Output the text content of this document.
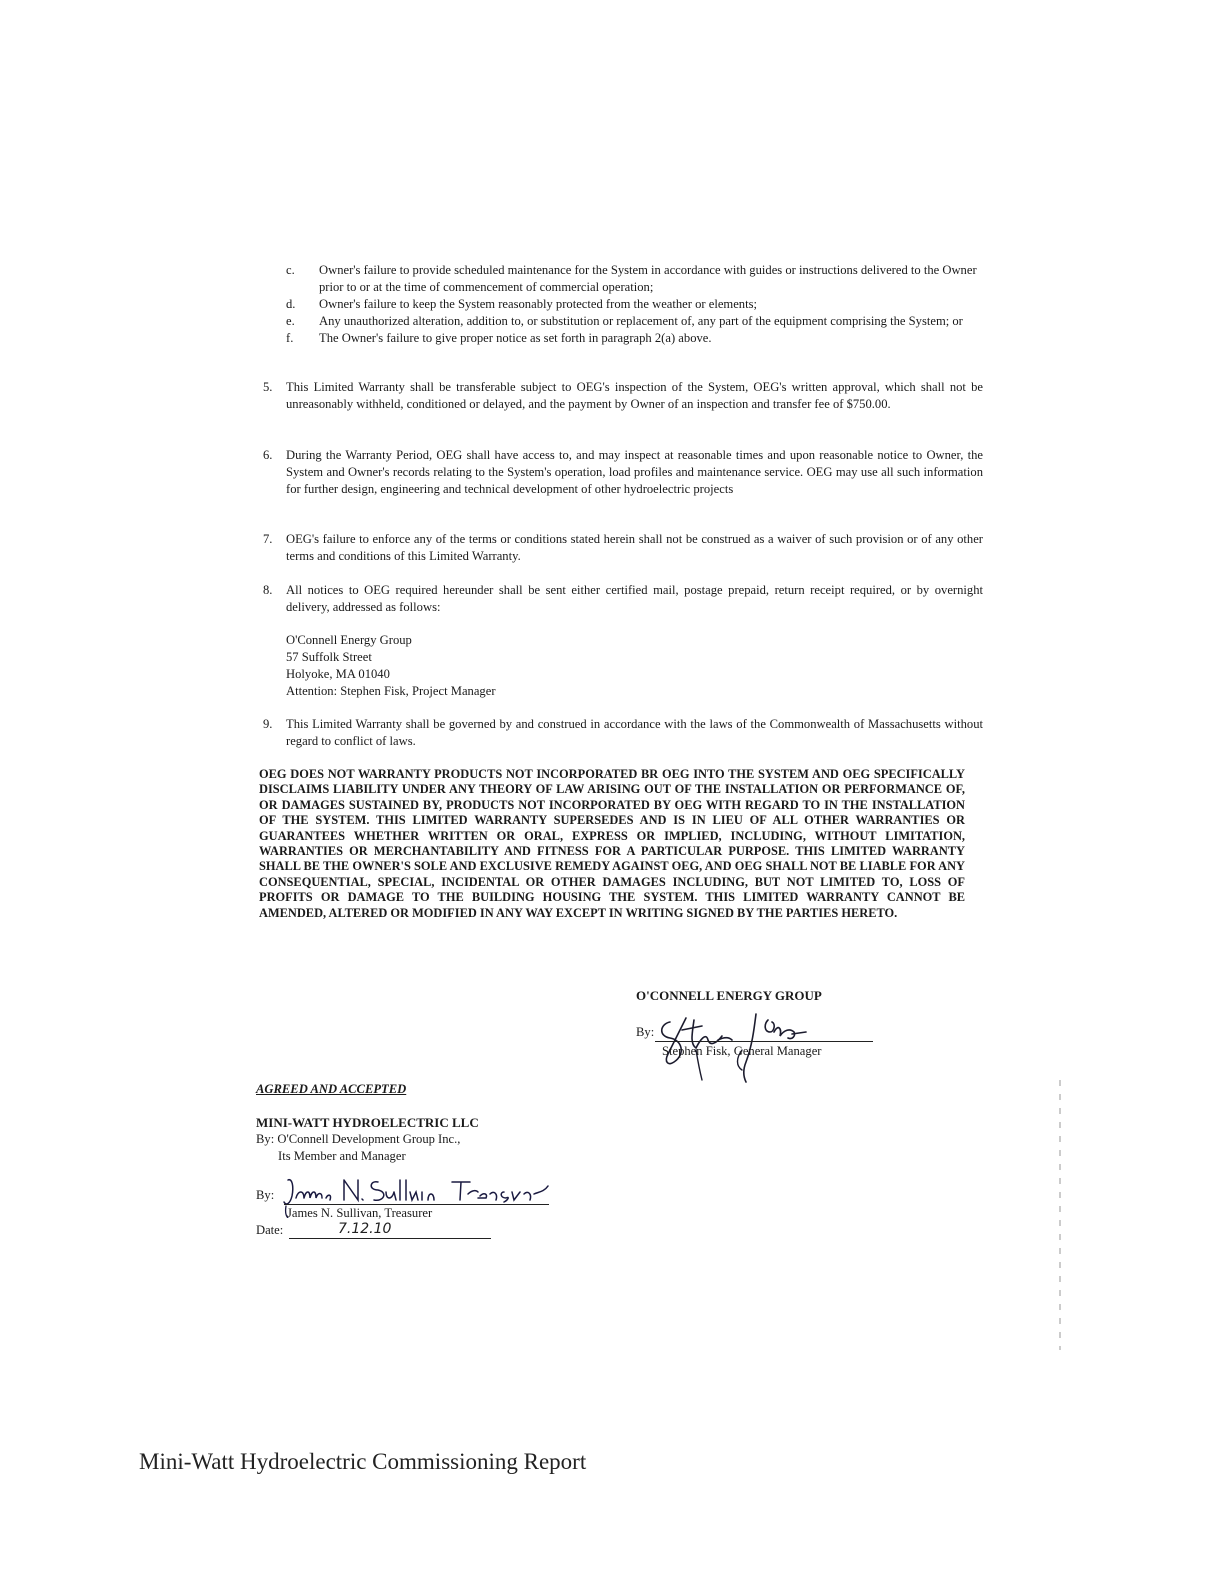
c. Owner's failure to provide scheduled maintenance for the System in accordance with guides or instructions delivered to the Owner prior to or at the time of commencement of commercial operation;
d. Owner's failure to keep the System reasonably protected from the weather or elements;
e. Any unauthorized alteration, addition to, or substitution or replacement of, any part of the equipment comprising the System; or
f. The Owner's failure to give proper notice as set forth in paragraph 2(a) above.
5. This Limited Warranty shall be transferable subject to OEG's inspection of the System, OEG's written approval, which shall not be unreasonably withheld, conditioned or delayed, and the payment by Owner of an inspection and transfer fee of $750.00.
6. During the Warranty Period, OEG shall have access to, and may inspect at reasonable times and upon reasonable notice to Owner, the System and Owner's records relating to the System's operation, load profiles and maintenance service. OEG may use all such information for further design, engineering and technical development of other hydroelectric projects
7. OEG's failure to enforce any of the terms or conditions stated herein shall not be construed as a waiver of such provision or of any other terms and conditions of this Limited Warranty.
8. All notices to OEG required hereunder shall be sent either certified mail, postage prepaid, return receipt required, or by overnight delivery, addressed as follows:
O'Connell Energy Group
57 Suffolk Street
Holyoke, MA 01040
Attention: Stephen Fisk, Project Manager
9. This Limited Warranty shall be governed by and construed in accordance with the laws of the Commonwealth of Massachusetts without regard to conflict of laws.
OEG DOES NOT WARRANTY PRODUCTS NOT INCORPORATED BR OEG INTO THE SYSTEM AND OEG SPECIFICALLY DISCLAIMS LIABILITY UNDER ANY THEORY OF LAW ARISING OUT OF THE INSTALLATION OR PERFORMANCE OF, OR DAMAGES SUSTAINED BY, PRODUCTS NOT INCORPORATED BY OEG WITH REGARD TO IN THE INSTALLATION OF THE SYSTEM. THIS LIMITED WARRANTY SUPERSEDES AND IS IN LIEU OF ALL OTHER WARRANTIES OR GUARANTEES WHETHER WRITTEN OR ORAL, EXPRESS OR IMPLIED, INCLUDING, WITHOUT LIMITATION, WARRANTIES OR MERCHANTABILITY AND FITNESS FOR A PARTICULAR PURPOSE. THIS LIMITED WARRANTY SHALL BE THE OWNER'S SOLE AND EXCLUSIVE REMEDY AGAINST OEG, AND OEG SHALL NOT BE LIABLE FOR ANY CONSEQUENTIAL, SPECIAL, INCIDENTAL OR OTHER DAMAGES INCLUDING, BUT NOT LIMITED TO, LOSS OF PROFITS OR DAMAGE TO THE BUILDING HOUSING THE SYSTEM. THIS LIMITED WARRANTY CANNOT BE AMENDED, ALTERED OR MODIFIED IN ANY WAY EXCEPT IN WRITING SIGNED BY THE PARTIES HERETO.
O'CONNELL ENERGY GROUP
By:
Stephen Fisk, General Manager
AGREED AND ACCEPTED
MINI-WATT HYDROELECTRIC LLC
By: O'Connell Development Group Inc.,
Its Member and Manager
By:
James N. Sullivan, Treasurer
Date:	7.12.10
Mini-Watt Hydroelectric Commissioning Report
